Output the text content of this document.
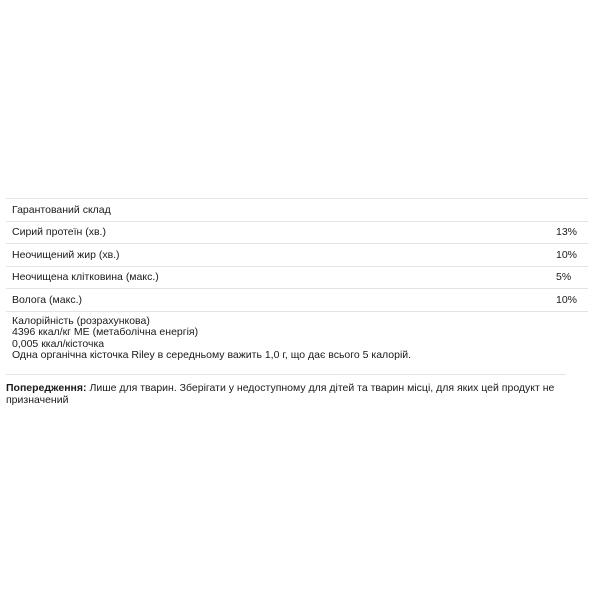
Гарантований склад
Сирий протеїн (хв.)	13%
Неочищений жир (хв.)	10%
Неочищена клітковина (макс.)	5%
Волога (макс.)	10%
Калорійність (розрахункова)
4396 ккал/кг ME (метаболічна енергія)
0,005 ккал/кісточка
Одна органічна кісточка Riley в середньому важить 1,0 г, що дає всього 5 калорій.
Попередження: Лише для тварин. Зберігати у недоступному для дітей та тварин місці, для яких цей продукт не призначений
